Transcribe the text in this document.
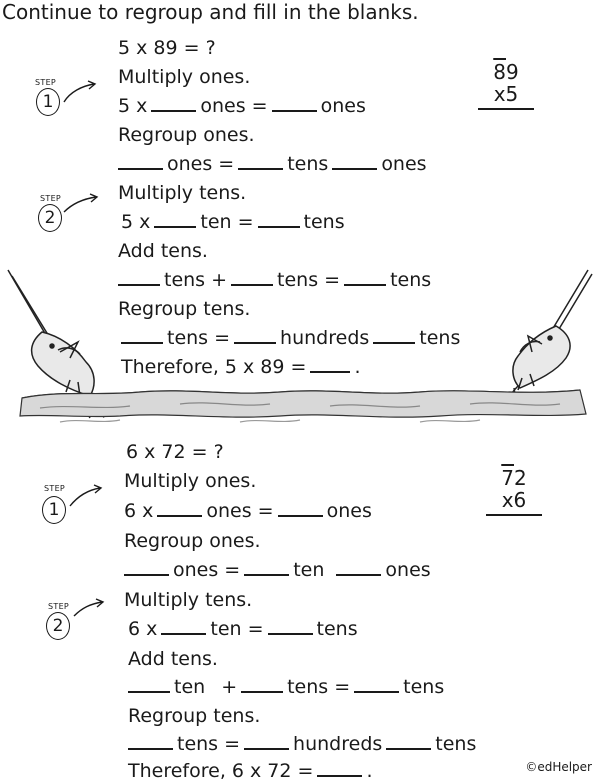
Continue to regroup and fill in the blanks.
5 x 89 = ?
89
x5
STEP
1
Multiply ones.
5 x	ones =	ones
Regroup ones.
ones =	tens	ones
STEP
2
Multiply tens.
5 x	ten =	tens
Add tens.
tens +	tens =	tens
Regroup tens.
tens =	hundreds	tens
Therefore, 5 x 89 =	.
6 x 72 = ?
72
x6
STEP
1
Multiply ones.
6 x	ones =	ones
Regroup ones.
ones =	ten	ones
STEP
2
Multiply tens.
6 x	ten =	tens
Add tens.
ten +	tens =	tens
Regroup tens.
tens =	hundreds	tens
Therefore, 6 x 72 =	.	©edHelper
